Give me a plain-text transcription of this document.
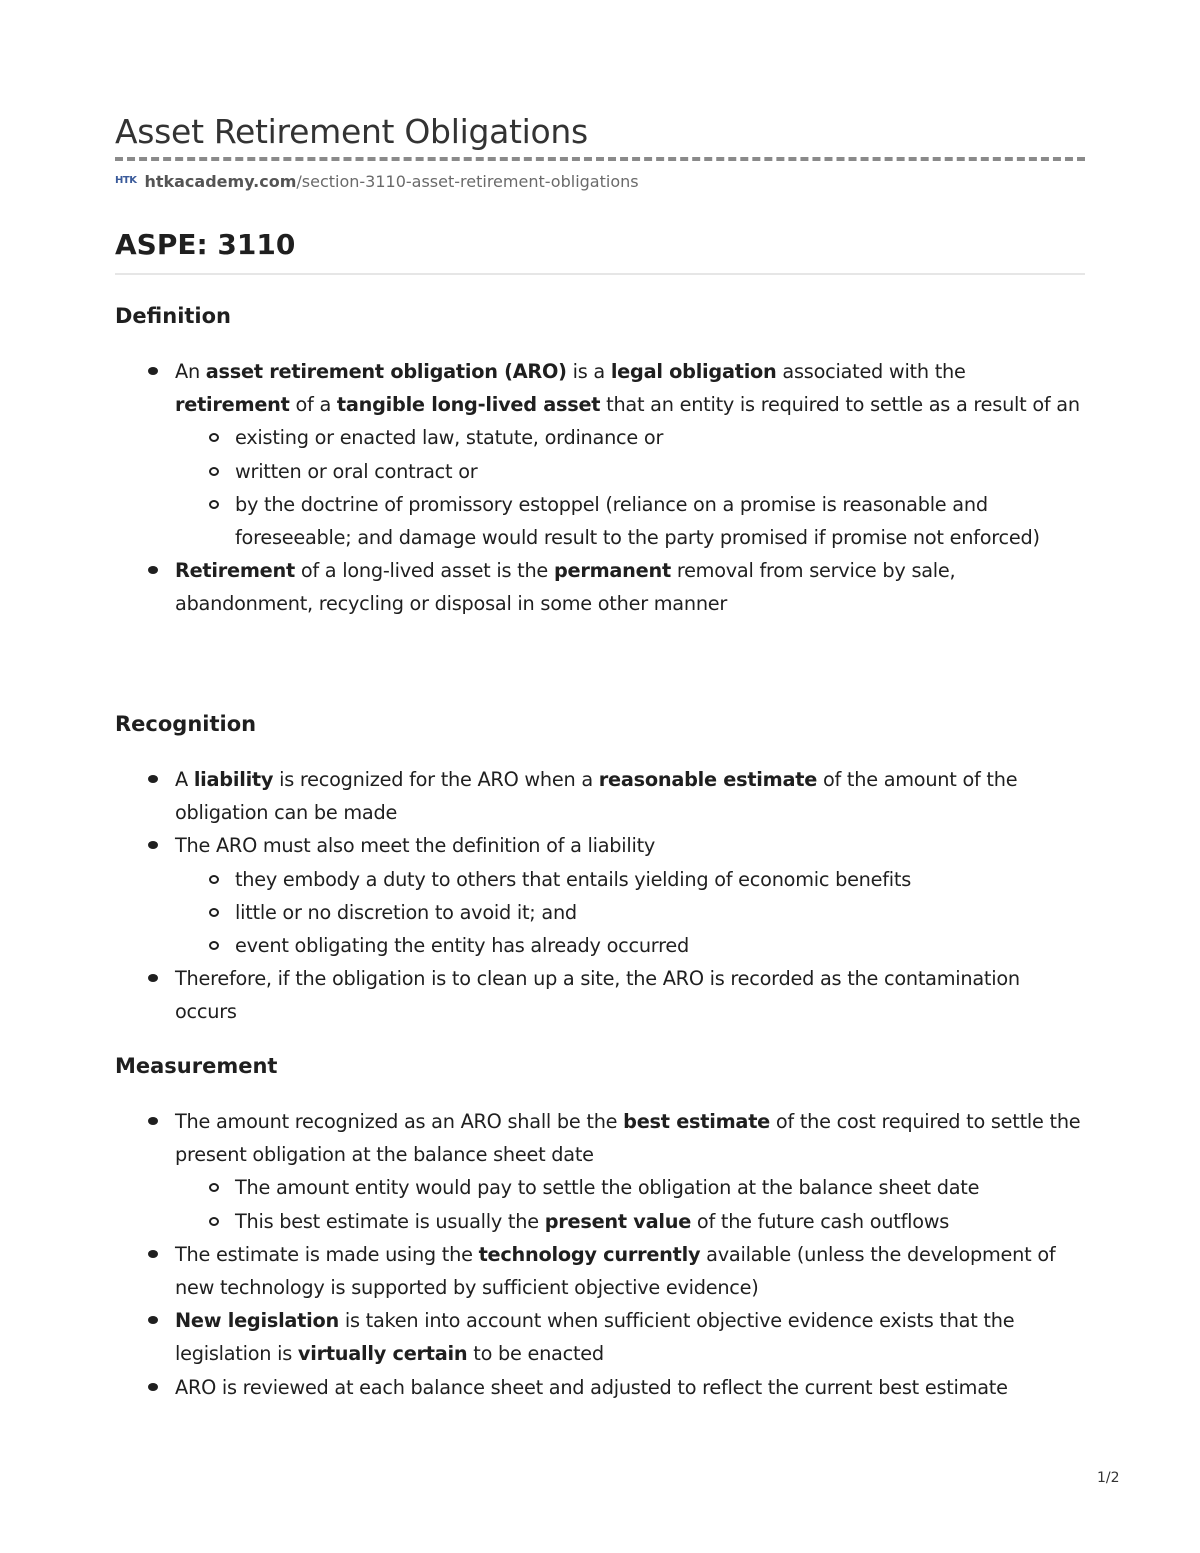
Asset Retirement Obligations
HTK htkacademy.com /section-3110-asset-retirement-obligations
ASPE: 3110
Definition
An asset retirement obligation (ARO) is a legal obligation associated with the retirement of a tangible long-lived asset that an entity is required to settle as a result of an
existing or enacted law, statute, ordinance or
written or oral contract or
by the doctrine of promissory estoppel (reliance on a promise is reasonable and foreseeable; and damage would result to the party promised if promise not enforced)
Retirement of a long-lived asset is the permanent removal from service by sale, abandonment, recycling or disposal in some other manner
Recognition
A liability is recognized for the ARO when a reasonable estimate of the amount of the obligation can be made
The ARO must also meet the definition of a liability
they embody a duty to others that entails yielding of economic benefits
little or no discretion to avoid it; and
event obligating the entity has already occurred
Therefore, if the obligation is to clean up a site, the ARO is recorded as the contamination occurs
Measurement
The amount recognized as an ARO shall be the best estimate of the cost required to settle the present obligation at the balance sheet date
The amount entity would pay to settle the obligation at the balance sheet date
This best estimate is usually the present value of the future cash outflows
The estimate is made using the technology currently available (unless the development of new technology is supported by sufficient objective evidence)
New legislation is taken into account when sufficient objective evidence exists that the legislation is virtually certain to be enacted
ARO is reviewed at each balance sheet and adjusted to reflect the current best estimate
1/2
